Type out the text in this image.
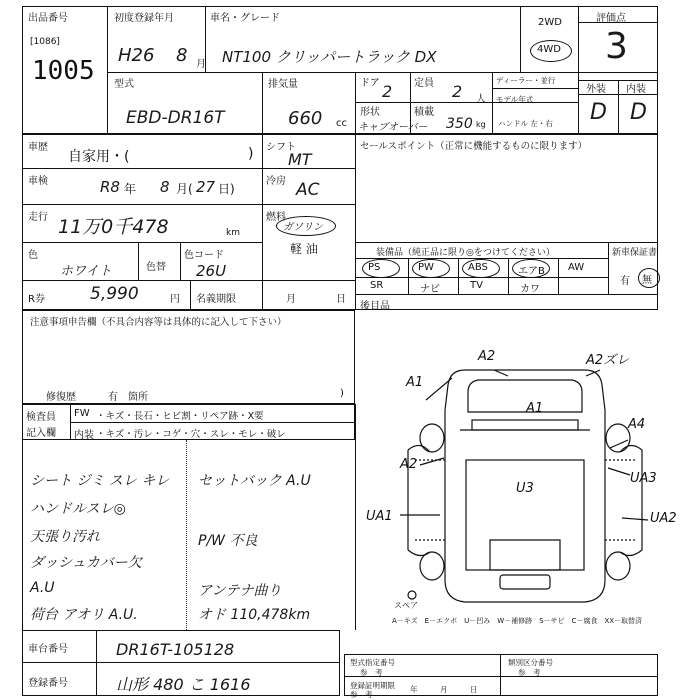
出品番号
[1086]
1005
初度登録年月
H26 8 月
車名・グレード
NT100 クリッパートラック DX
2WD
4WD
評価点
3
型式
EBD-DR16T
排気量
660 cc
ドア 2 定員 2 人
ディーラー・並行
モデル年式
形状
キャブオーバー
積載
350 kg ハンドル 左・右
外装 内装
D D
車歴
自家用・(	) シフト
MT
セールスポイント（正常に機能するものに限ります）
車検	R8 年 8 月( 27 日)
冷房 AC
走行 11万0千478	km
燃料
ガソリン
軽 油
色
ホワイト	色替
色コード
26U
装備品（純正品に限り◎をつけてください）	新車保証書
有 無
PS	PW	ABS	エアB AW
SR	ナビ	TV	カワ
R券	5,990	円 名義期限	月	日
後目品
注意事項申告欄（不具合内容等は具体的に記入して下さい）
修復歴	有 箇所	)
検査員
記入欄
FW ・キズ・長石・ヒビ割・リペア跡・X要
内装 ・キズ・汚レ・コゲ・穴・スレ・モレ・破レ
シート ジミ スレ キレ
ハンドルスレ◎
天張り汚れ
ダッシュカバー欠
A.U
荷台 アオリ A.U.
セットバック A.U
P/W 不良
アンテナ曲り
オド 110,478km
A1
A2	A2ズレ
A1
A4
A2
UA3
U3
UA1	UA2
スペア
A－キズ　E－エクボ　U－凹み　W－補修跡　S－サビ　C－腐食　XX－取替済
車台番号	DR16T-105128
登録番号	山形 480 こ 1616
型式指定番号
参　考
類別区分番号
参　考
登録証明期限
参　考
年	月	日
